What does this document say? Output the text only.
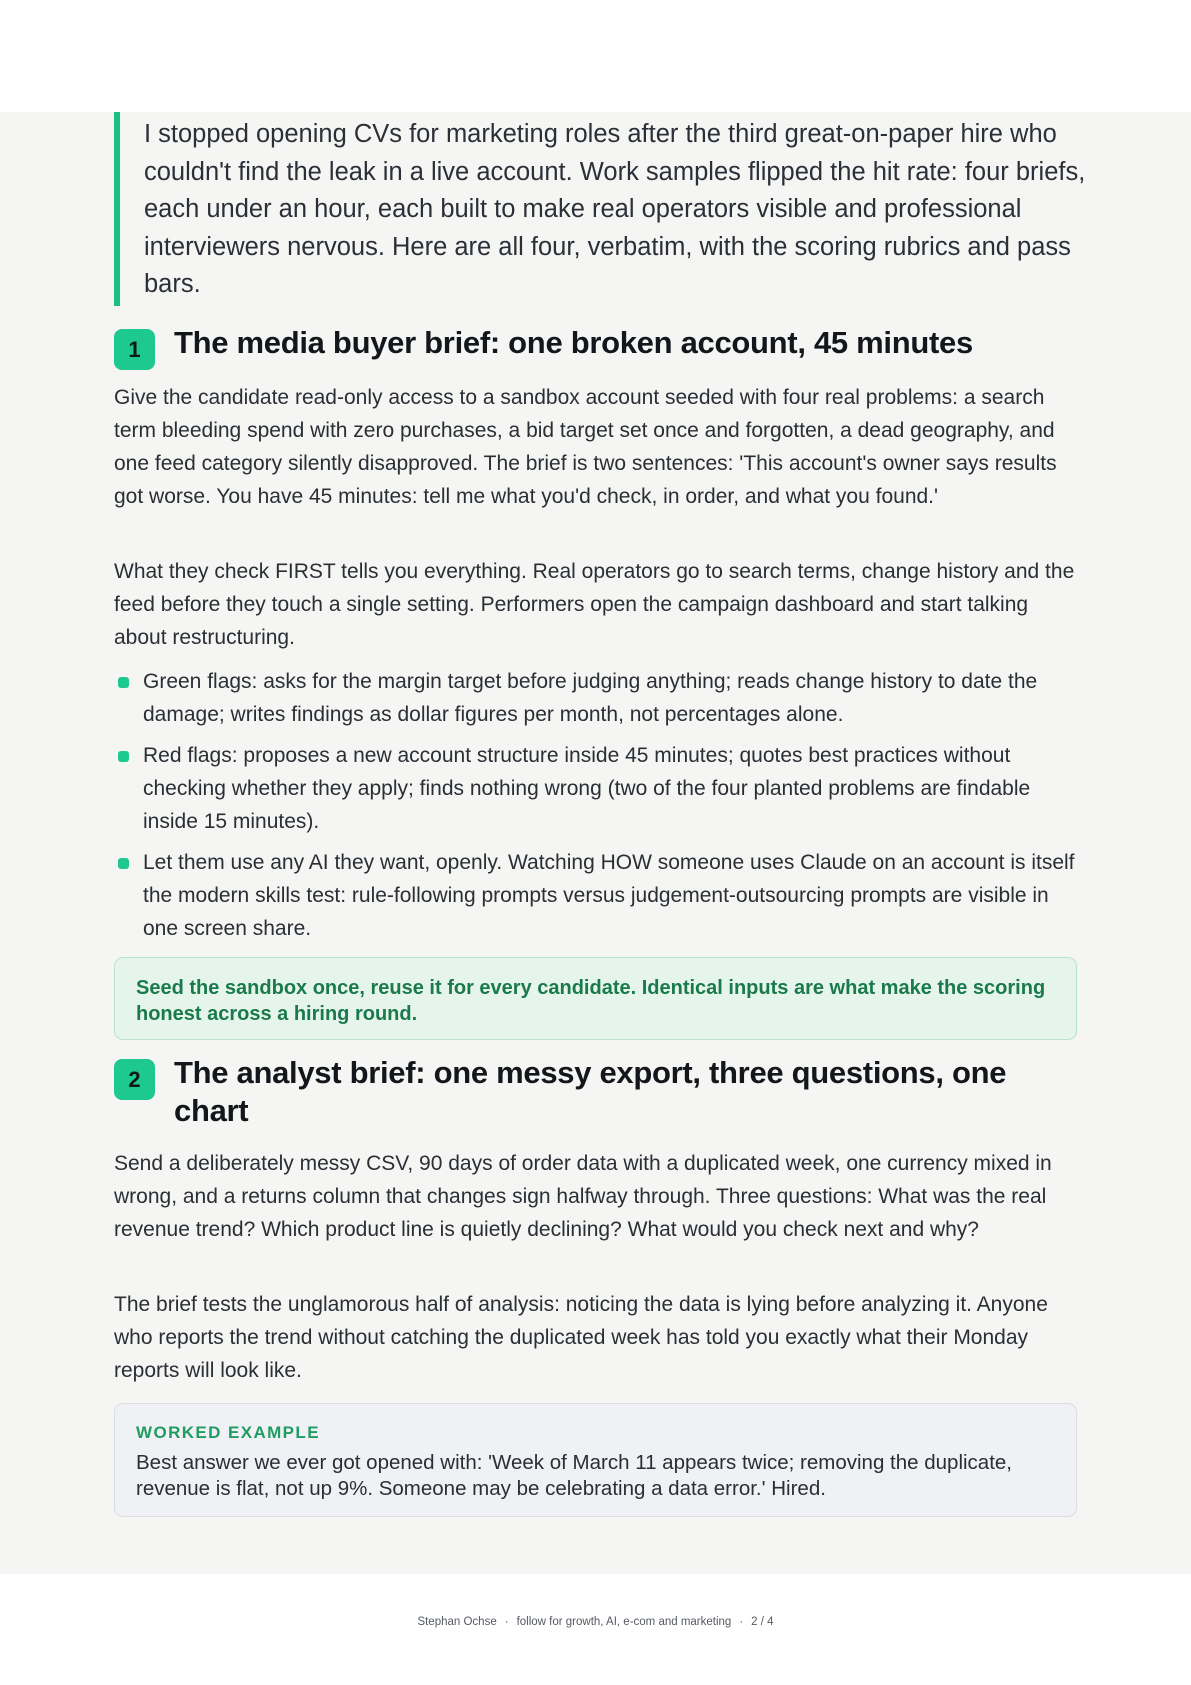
I stopped opening CVs for marketing roles after the third great-on-paper hire who couldn't find the leak in a live account. Work samples flipped the hit rate: four briefs, each under an hour, each built to make real operators visible and professional interviewers nervous. Here are all four, verbatim, with the scoring rubrics and pass bars.

1	The media buyer brief: one broken account, 45 minutes

Give the candidate read-only access to a sandbox account seeded with four real problems: a search term bleeding spend with zero purchases, a bid target set once and forgotten, a dead geography, and one feed category silently disapproved. The brief is two sentences: 'This account's owner says results got worse. You have 45 minutes: tell me what you'd check, in order, and what you found.'

What they check FIRST tells you everything. Real operators go to search terms, change history and the feed before they touch a single setting. Performers open the campaign dashboard and start talking about restructuring.

Green flags: asks for the margin target before judging anything; reads change history to date the damage; writes findings as dollar figures per month, not percentages alone.
Red flags: proposes a new account structure inside 45 minutes; quotes best practices without checking whether they apply; finds nothing wrong (two of the four planted problems are findable inside 15 minutes).
Let them use any AI they want, openly. Watching HOW someone uses Claude on an account is itself the modern skills test: rule-following prompts versus judgement-outsourcing prompts are visible in one screen share.

Seed the sandbox once, reuse it for every candidate. Identical inputs are what make the scoring honest across a hiring round.

2	The analyst brief: one messy export, three questions, one chart

Send a deliberately messy CSV, 90 days of order data with a duplicated week, one currency mixed in wrong, and a returns column that changes sign halfway through. Three questions: What was the real revenue trend? Which product line is quietly declining? What would you check next and why?

The brief tests the unglamorous half of analysis: noticing the data is lying before analyzing it. Anyone who reports the trend without catching the duplicated week has told you exactly what their Monday reports will look like.

WORKED EXAMPLE

Best answer we ever got opened with: 'Week of March 11 appears twice; removing the duplicate, revenue is flat, not up 9%. Someone may be celebrating a data error.' Hired.

Stephan Ochse · follow for growth, AI, e-com and marketing · 2 / 4
